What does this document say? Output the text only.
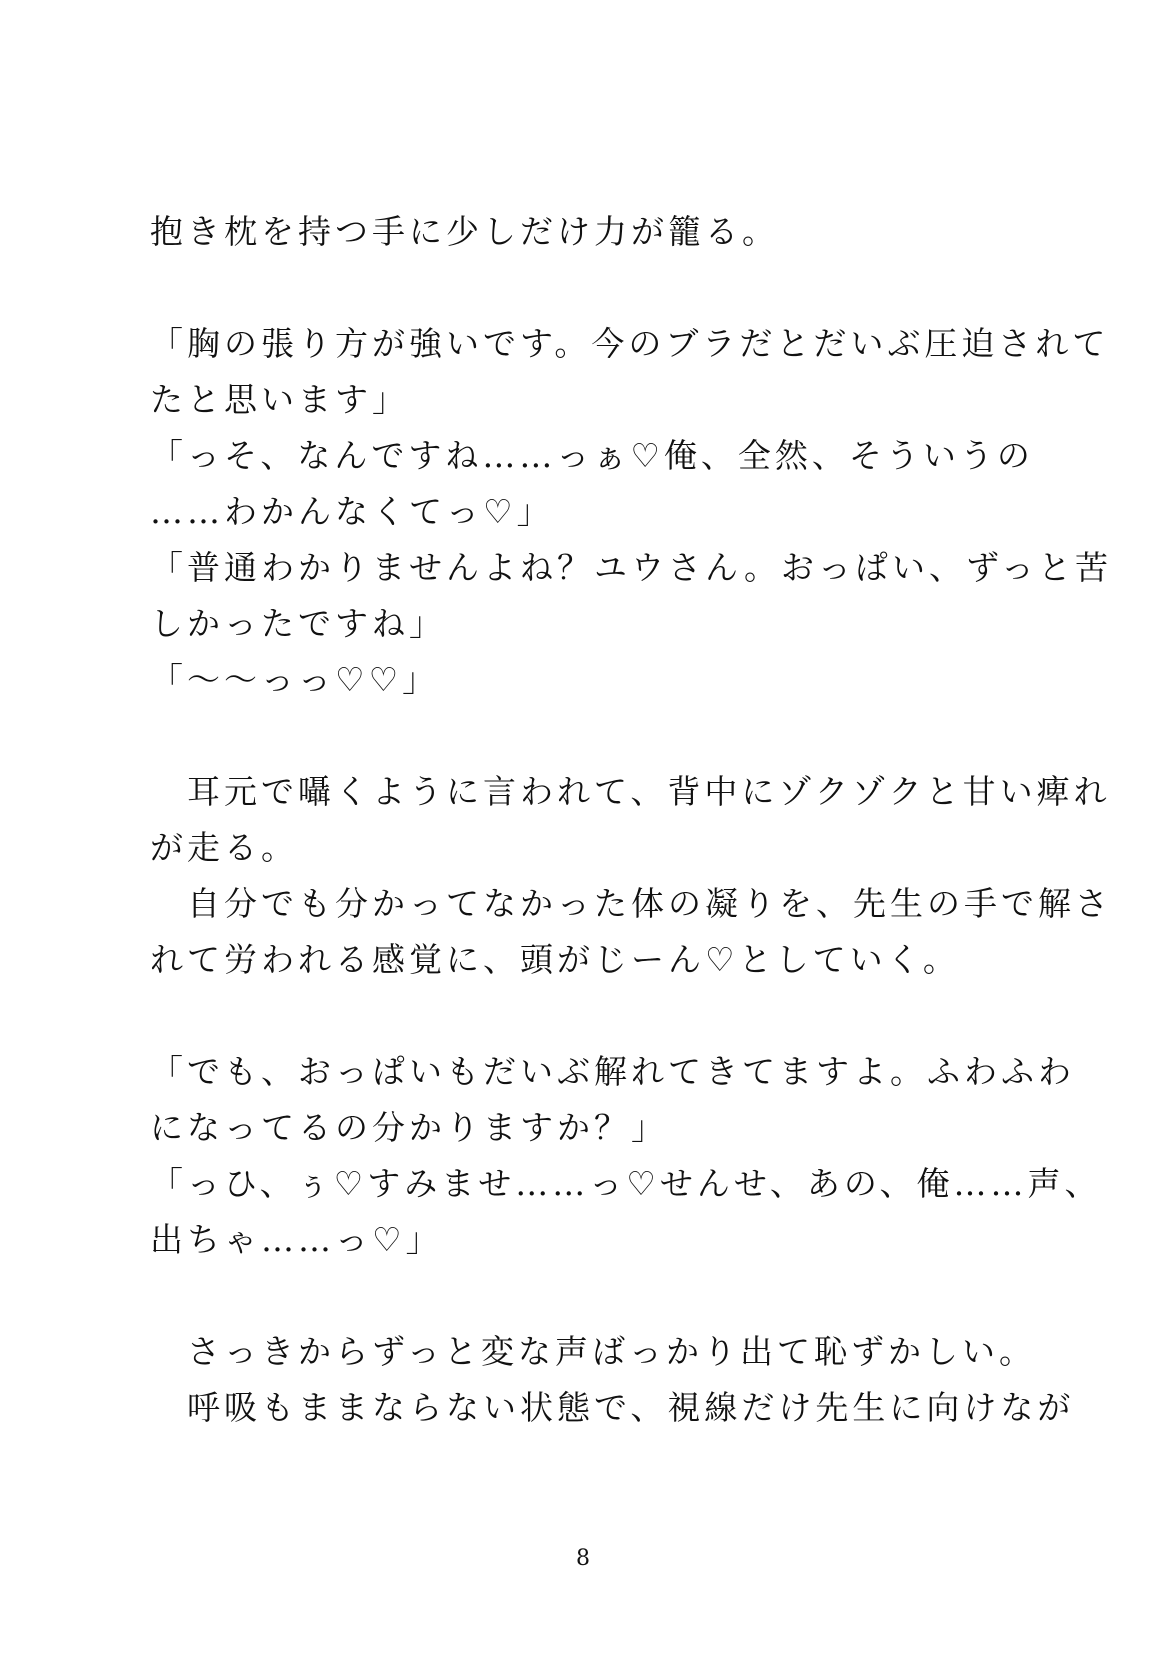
抱き枕を持つ手に少しだけ力が籠る。
「胸の張り方が強いです。今のブラだとだいぶ圧迫されて
たと思います」
「っそ、なんですね……っぁ♡俺、全然、そういうの
……わかんなくてっ♡」
「普通わかりませんよね？ユウさん。おっぱい、ずっと苦
しかったですね」
「〜〜っっ♡♡」
　耳元で囁くように言われて、背中にゾクゾクと甘い痺れ
が走る。
　自分でも分かってなかった体の凝りを、先生の手で解さ
れて労われる感覚に、頭がじーん♡としていく。
「でも、おっぱいもだいぶ解れてきてますよ。ふわふわ
になってるの分かりますか？」
「っひ、ぅ♡すみませ……っ♡せんせ、あの、俺……声、
出ちゃ……っ♡」
　さっきからずっと変な声ばっかり出て恥ずかしい。
　呼吸もままならない状態で、視線だけ先生に向けなが
8
